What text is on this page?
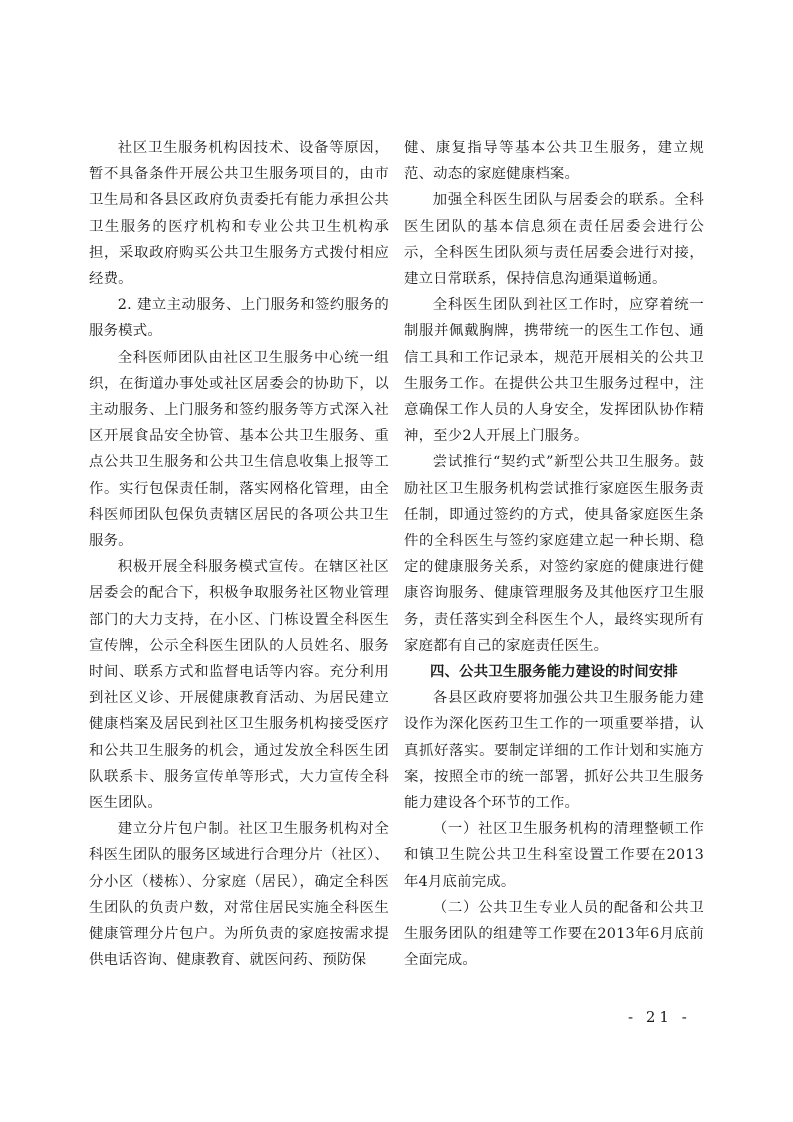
社区卫生服务机构因技术、设备等原因，暂不具备条件开展公共卫生服务项目的，由市卫生局和各县区政府负责委托有能力承担公共卫生服务的医疗机构和专业公共卫生机构承担，采取政府购买公共卫生服务方式拨付相应经费。

2. 建立主动服务、上门服务和签约服务的服务模式。

全科医师团队由社区卫生服务中心统一组织，在街道办事处或社区居委会的协助下，以主动服务、上门服务和签约服务等方式深入社区开展食品安全协管、基本公共卫生服务、重点公共卫生服务和公共卫生信息收集上报等工作。实行包保责任制，落实网格化管理，由全科医师团队包保负责辖区居民的各项公共卫生服务。

积极开展全科服务模式宣传。在辖区社区居委会的配合下，积极争取服务社区物业管理部门的大力支持，在小区、门栋设置全科医生宣传牌，公示全科医生团队的人员姓名、服务时间、联系方式和监督电话等内容。充分利用到社区义诊、开展健康教育活动、为居民建立健康档案及居民到社区卫生服务机构接受医疗和公共卫生服务的机会，通过发放全科医生团队联系卡、服务宣传单等形式，大力宣传全科医生团队。

建立分片包户制。社区卫生服务机构对全科医生团队的服务区域进行合理分片（社区）、分小区（楼栋）、分家庭（居民），确定全科医生团队的负责户数，对常住居民实施全科医生健康管理分片包户。为所负责的家庭按需求提供电话咨询、健康教育、就医问药、预防保

健、康复指导等基本公共卫生服务，建立规范、动态的家庭健康档案。

加强全科医生团队与居委会的联系。全科医生团队的基本信息须在责任居委会进行公示，全科医生团队须与责任居委会进行对接，建立日常联系，保持信息沟通渠道畅通。

全科医生团队到社区工作时，应穿着统一制服并佩戴胸牌，携带统一的医生工作包、通信工具和工作记录本，规范开展相关的公共卫生服务工作。在提供公共卫生服务过程中，注意确保工作人员的人身安全，发挥团队协作精神，至少2人开展上门服务。

尝试推行“契约式”新型公共卫生服务。鼓励社区卫生服务机构尝试推行家庭医生服务责任制，即通过签约的方式，使具备家庭医生条件的全科医生与签约家庭建立起一种长期、稳定的健康服务关系，对签约家庭的健康进行健康咨询服务、健康管理服务及其他医疗卫生服务，责任落实到全科医生个人，最终实现所有家庭都有自己的家庭责任医生。

四、公共卫生服务能力建设的时间安排

各县区政府要将加强公共卫生服务能力建设作为深化医药卫生工作的一项重要举措，认真抓好落实。要制定详细的工作计划和实施方案，按照全市的统一部署，抓好公共卫生服务能力建设各个环节的工作。

（一）社区卫生服务机构的清理整顿工作和镇卫生院公共卫生科室设置工作要在2013年4月底前完成。

（二）公共卫生专业人员的配备和公共卫生服务团队的组建等工作要在2013年6月底前全面完成。

- 21 -
